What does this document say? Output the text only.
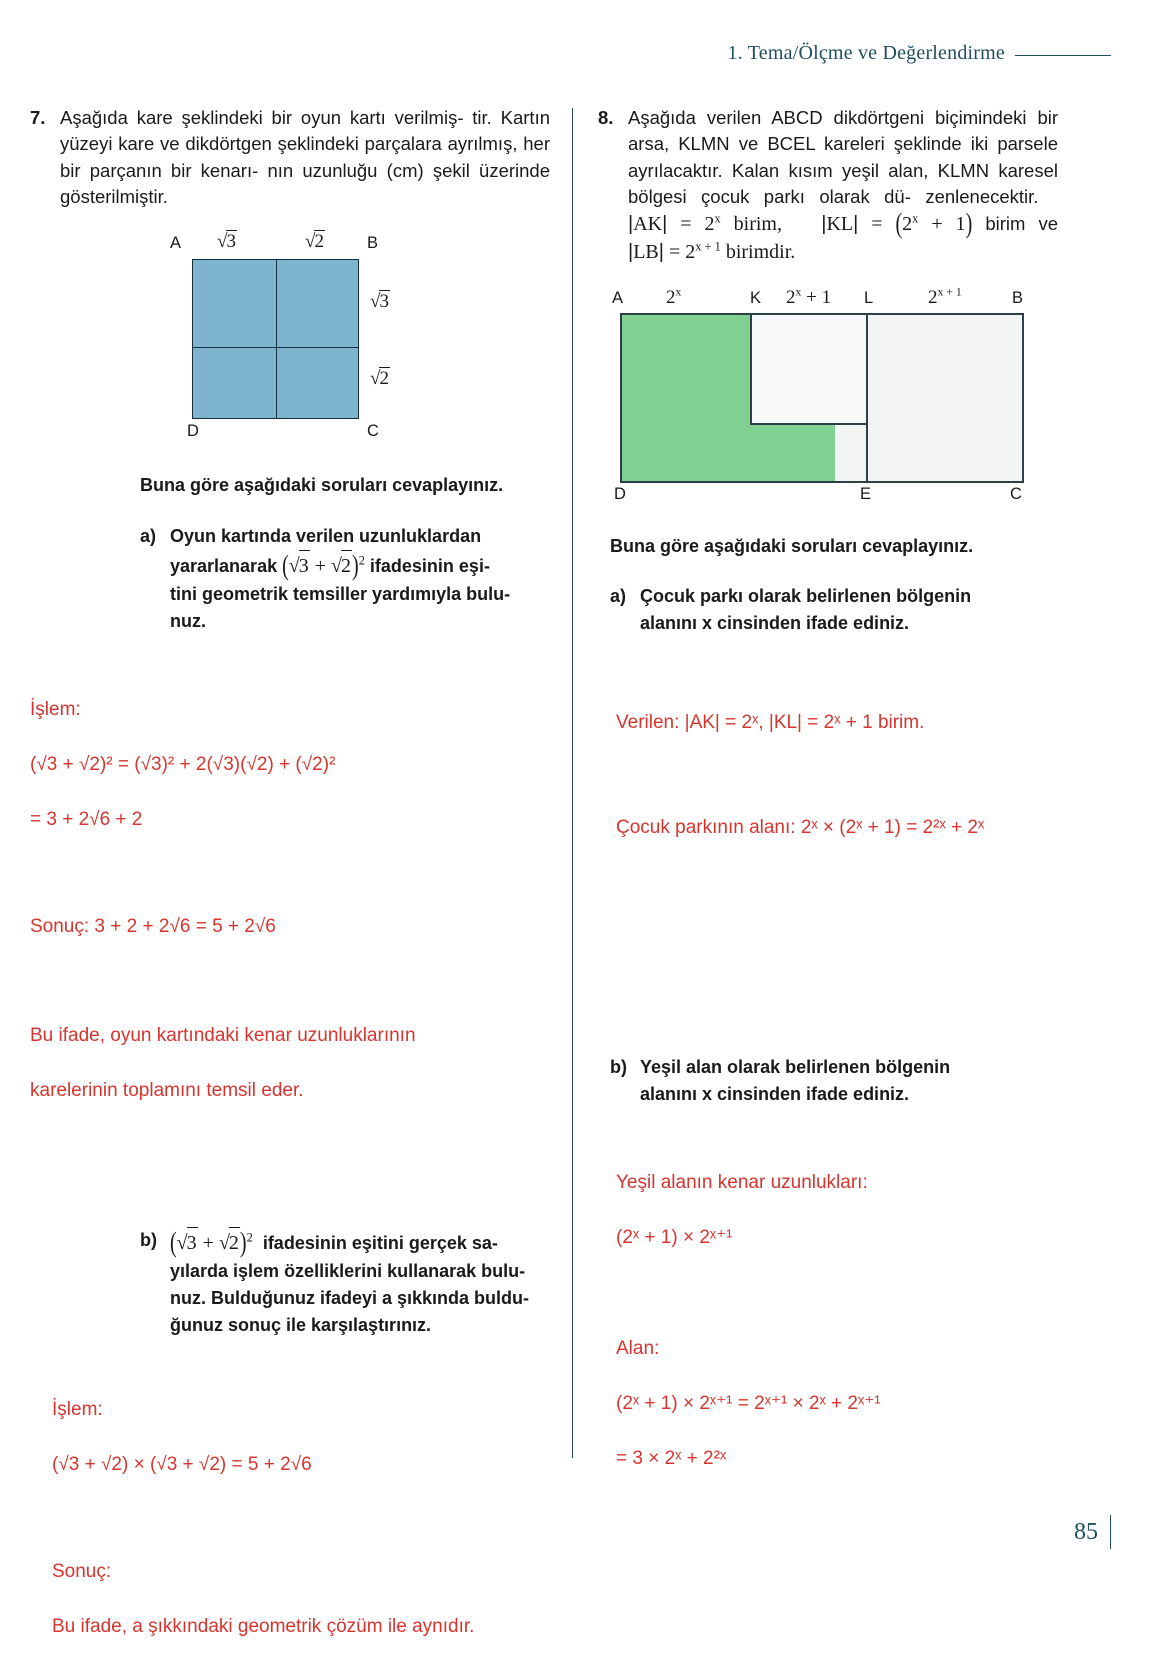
1. Tema/Ölçme ve Değerlendirme
7. Aşağıda kare şeklindeki bir oyun kartı verilmiş- tir. Kartın yüzeyi kare ve dikdörtgen şeklindeki parçalara ayrılmış, her bir parçanın bir kenarı- nın uzunluğu (cm) şekil üzerinde gösterilmiştir.
A	B
C
D
√3	√2
√3
√2
Buna göre aşağıdaki soruları cevaplayınız.
a) Oyun kartında verilen uzunluklardan
yararlanarak $(√3 + √2)^2$ ifadesinin eşi-
tini geometrik temsiller yardımıyla bulu-
nuz.

İşlem:

(√3 + √2)² = (√3)² + 2(√3)(√2) + (√2)²

= 3 + 2√6 + 2

Sonuç: 3 + 2 + 2√6 = 5 + 2√6

Bu ifade, oyun kartındaki kenar uzunluklarının

karelerinin toplamını temsil eder.

b) $(√3 + √2)^2$ ifadesinin eşitini gerçek sa-
yılarda işlem özelliklerini kullanarak bulu-
nuz. Bulduğunuz ifadeyi a şıkkında buldu-
ğunuz sonuç ile karşılaştırınız.

İşlem:

(√3 + √2) × (√3 + √2) = 5 + 2√6

Sonuç:

Bu ifade, a şıkkındaki geometrik çözüm ile aynıdır.

8. Aşağıda verilen ABCD dikdörtgeni biçimindeki bir arsa, KLMN ve BCEL kareleri şeklinde iki parsele ayrılacaktır. Kalan kısım yeşil alan, KLMN karesel bölgesi çocuk parkı olarak dü- zenlenecektir.   $|AK| = 2^x$ birim, $|KL| = (2^x + 1)$ birim ve $|LB| = 2^{x + 1}$ birimdir.
A	K	L	B
D	E	C
2$^x$	$2^x + 1$	$2^{x + 1}$
Buna göre aşağıdaki soruları cevaplayınız.
a) Çocuk parkı olarak belirlenen bölgenin
alanını x cinsinden ifade ediniz.

Verilen: |AK| = 2ˣ, |KL| = 2ˣ + 1 birim.

Çocuk parkının alanı: 2ˣ × (2ˣ + 1) = 2²ˣ + 2ˣ

b) Yeşil alan olarak belirlenen bölgenin
alanını x cinsinden ifade ediniz.

Yeşil alanın kenar uzunlukları:

(2ˣ + 1) × 2ˣ⁺¹

Alan:

(2ˣ + 1) × 2ˣ⁺¹ = 2ˣ⁺¹ × 2ˣ + 2ˣ⁺¹

= 3 × 2ˣ + 2²ˣ

85
